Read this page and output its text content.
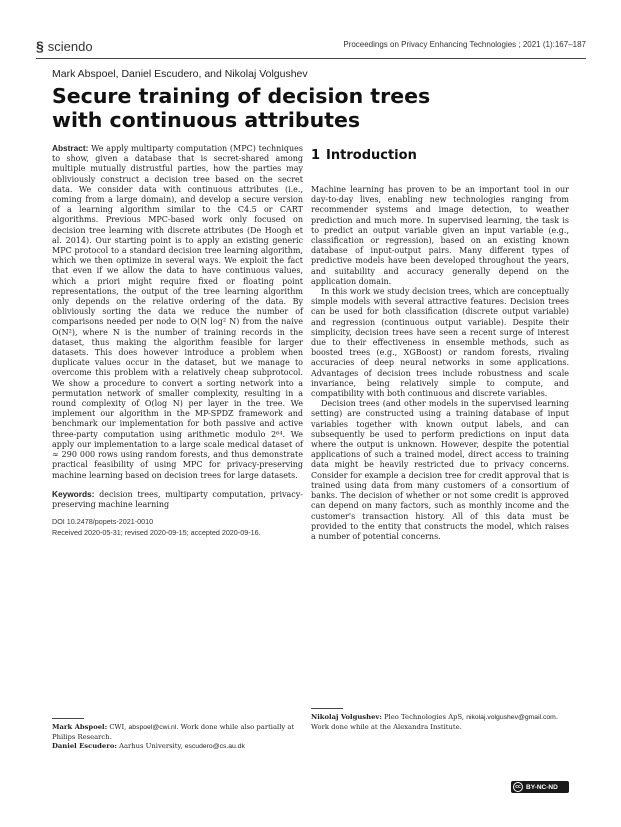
§ sciendo	Proceedings on Privacy Enhancing Technologies ; 2021 (1):167–187
Mark Abspoel, Daniel Escudero, and Nikolaj Volgushev
Secure training of decision trees with continuous attributes

Abstract: We apply multiparty computation (MPC) techniques to show, given a database that is secret-shared among multiple mutually distrustful parties, how the parties may obliviously construct a decision tree based on the secret data. We consider data with continuous attributes (i.e., coming from a large domain), and develop a secure version of a learning algorithm similar to the C4.5 or CART algorithms. Previous MPC-based work only focused on decision tree learning with discrete attributes (De Hoogh et al. 2014). Our starting point is to apply an existing generic MPC protocol to a standard decision tree learning algorithm, which we then optimize in several ways. We exploit the fact that even if we allow the data to have continuous values, which a priori might require fixed or floating point representations, the output of the tree learning algorithm only depends on the relative ordering of the data. By obliviously sorting the data we reduce the number of comparisons needed per node to O(N log² N) from the naive O(N²), where N is the number of training records in the dataset, thus making the algorithm feasible for larger datasets. This does however introduce a problem when duplicate values occur in the dataset, but we manage to overcome this problem with a relatively cheap subprotocol. We show a procedure to convert a sorting network into a permutation network of smaller complexity, resulting in a round complexity of O(log N) per layer in the tree. We implement our algorithm in the MP-SPDZ framework and benchmark our implementation for both passive and active three-party computation using arithmetic modulo 2⁶⁴. We apply our implementation to a large scale medical dataset of ≈ 290 000 rows using random forests, and thus demonstrate practical feasibility of using MPC for privacy-preserving machine learning based on decision trees for large datasets.

Keywords: decision trees, multiparty computation, privacy-preserving machine learning

DOI 10.2478/popets-2021-0010
Received 2020-05-31; revised 2020-09-15; accepted 2020-09-16.
1 Introduction

Machine learning has proven to be an important tool in our day-to-day lives, enabling new technologies ranging from recommender systems and image detection, to weather prediction and much more. In supervised learning, the task is to predict an output variable given an input variable (e.g., classification or regression), based on an existing known database of input-output pairs. Many different types of predictive models have been developed throughout the years, and suitability and accuracy generally depend on the application domain.

In this work we study decision trees, which are conceptually simple models with several attractive features. Decision trees can be used for both classification (discrete output variable) and regression (continuous output variable). Despite their simplicity, decision trees have seen a recent surge of interest due to their effectiveness in ensemble methods, such as boosted trees (e.g., XGBoost) or random forests, rivaling accuracies of deep neural networks in some applications. Advantages of decision trees include robustness and scale invariance, being relatively simple to compute, and compatibility with both continuous and discrete variables.

Decision trees (and other models in the supervised learning setting) are constructed using a training database of input variables together with known output labels, and can subsequently be used to perform predictions on input data where the output is unknown. However, despite the potential applications of such a trained model, direct access to training data might be heavily restricted due to privacy concerns. Consider for example a decision tree for credit approval that is trained using data from many customers of a consortium of banks. The decision of whether or not some credit is approved can depend on many factors, such as monthly income and the customer's transaction history. All of this data must be provided to the entity that constructs the model, which raises a number of potential concerns.

Mark Abspoel: CWI, abspoel@cwi.nl. Work done while also partially at Philips Research.

Daniel Escudero: Aarhus University, escudero@cs.au.dk

Nikolaj Volgushev: Pleo Technologies ApS, nikolaj.volgushev@gmail.com. Work done while at the Alexandra Institute.

cc BY-NC-ND
